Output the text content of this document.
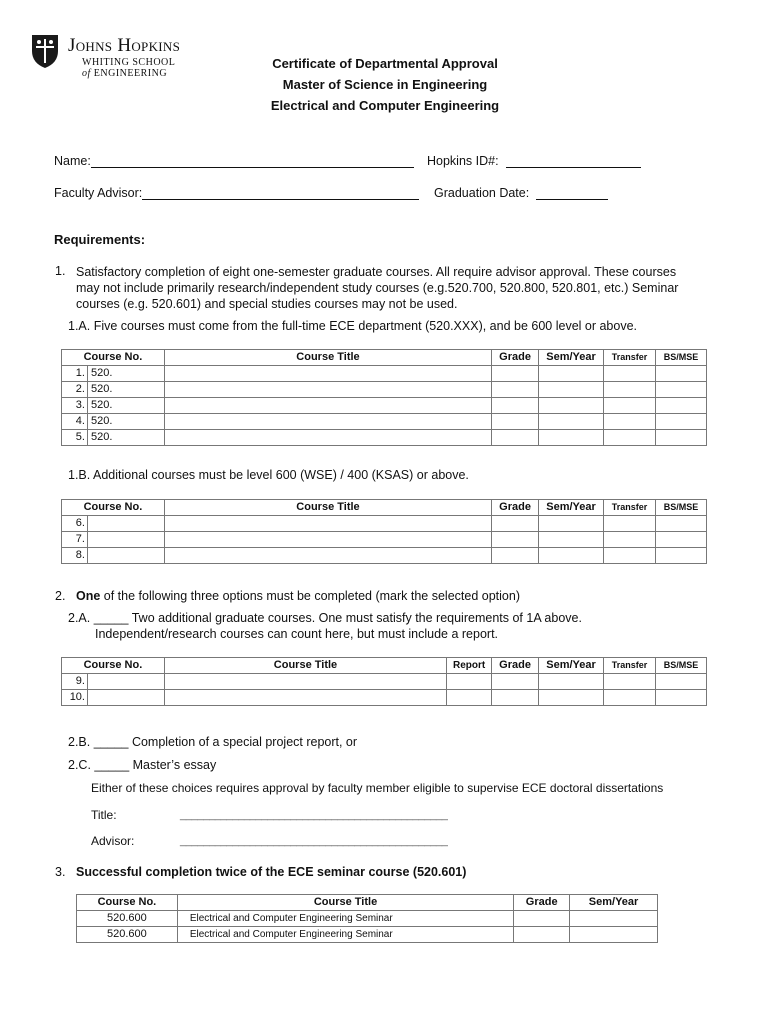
Johns Hopkins
WHITING SCHOOL
of ENGINEERING
Certificate of Departmental Approval
Master of Science in Engineering
Electrical and Computer Engineering
Name:	Hopkins ID#:
Faculty Advisor:	Graduation Date:
Requirements:
1. Satisfactory completion of eight one-semester graduate courses. All require advisor approval. These courses
may not include primarily research/independent study courses (e.g.520.700, 520.800, 520.801, etc.) Seminar
courses (e.g. 520.601) and special studies courses may not be used.
1.A. Five courses must come from the full-time ECE department (520.XXX), and be 600 level or above.
Course No.		Course Title	Grade	Sem/Year	Transfer	BS/MSE
1.	520.					
2.	520.					
3.	520.					
4.	520.					
5.	520.					
1.B. Additional courses must be level 600 (WSE) / 400 (KSAS) or above.
Course No.		Course Title	Grade	Sem/Year	Transfer	BS/MSE
6.						
7.						
8.						
2. One of the following three options must be completed (mark the selected option)
2.A. _____ Two additional graduate courses. One must satisfy the requirements of 1A above.
Independent/research courses can count here, but must include a report.
Course No.		Course Title	Report	Grade	Sem/Year	Transfer	BS/MSE
9.							
10.							
2.B. _____ Completion of a special project report, or
2.C. _____ Master’s essay
Either of these choices requires approval by faculty member eligible to supervise ECE doctoral dissertations
Title:	______________________________________________
Advisor:	______________________________________________
3. Successful completion twice of the ECE seminar course (520.601)
Course No.	Course Title	Grade	Sem/Year
520.600	Electrical and Computer Engineering Seminar		
520.600	Electrical and Computer Engineering Seminar		
